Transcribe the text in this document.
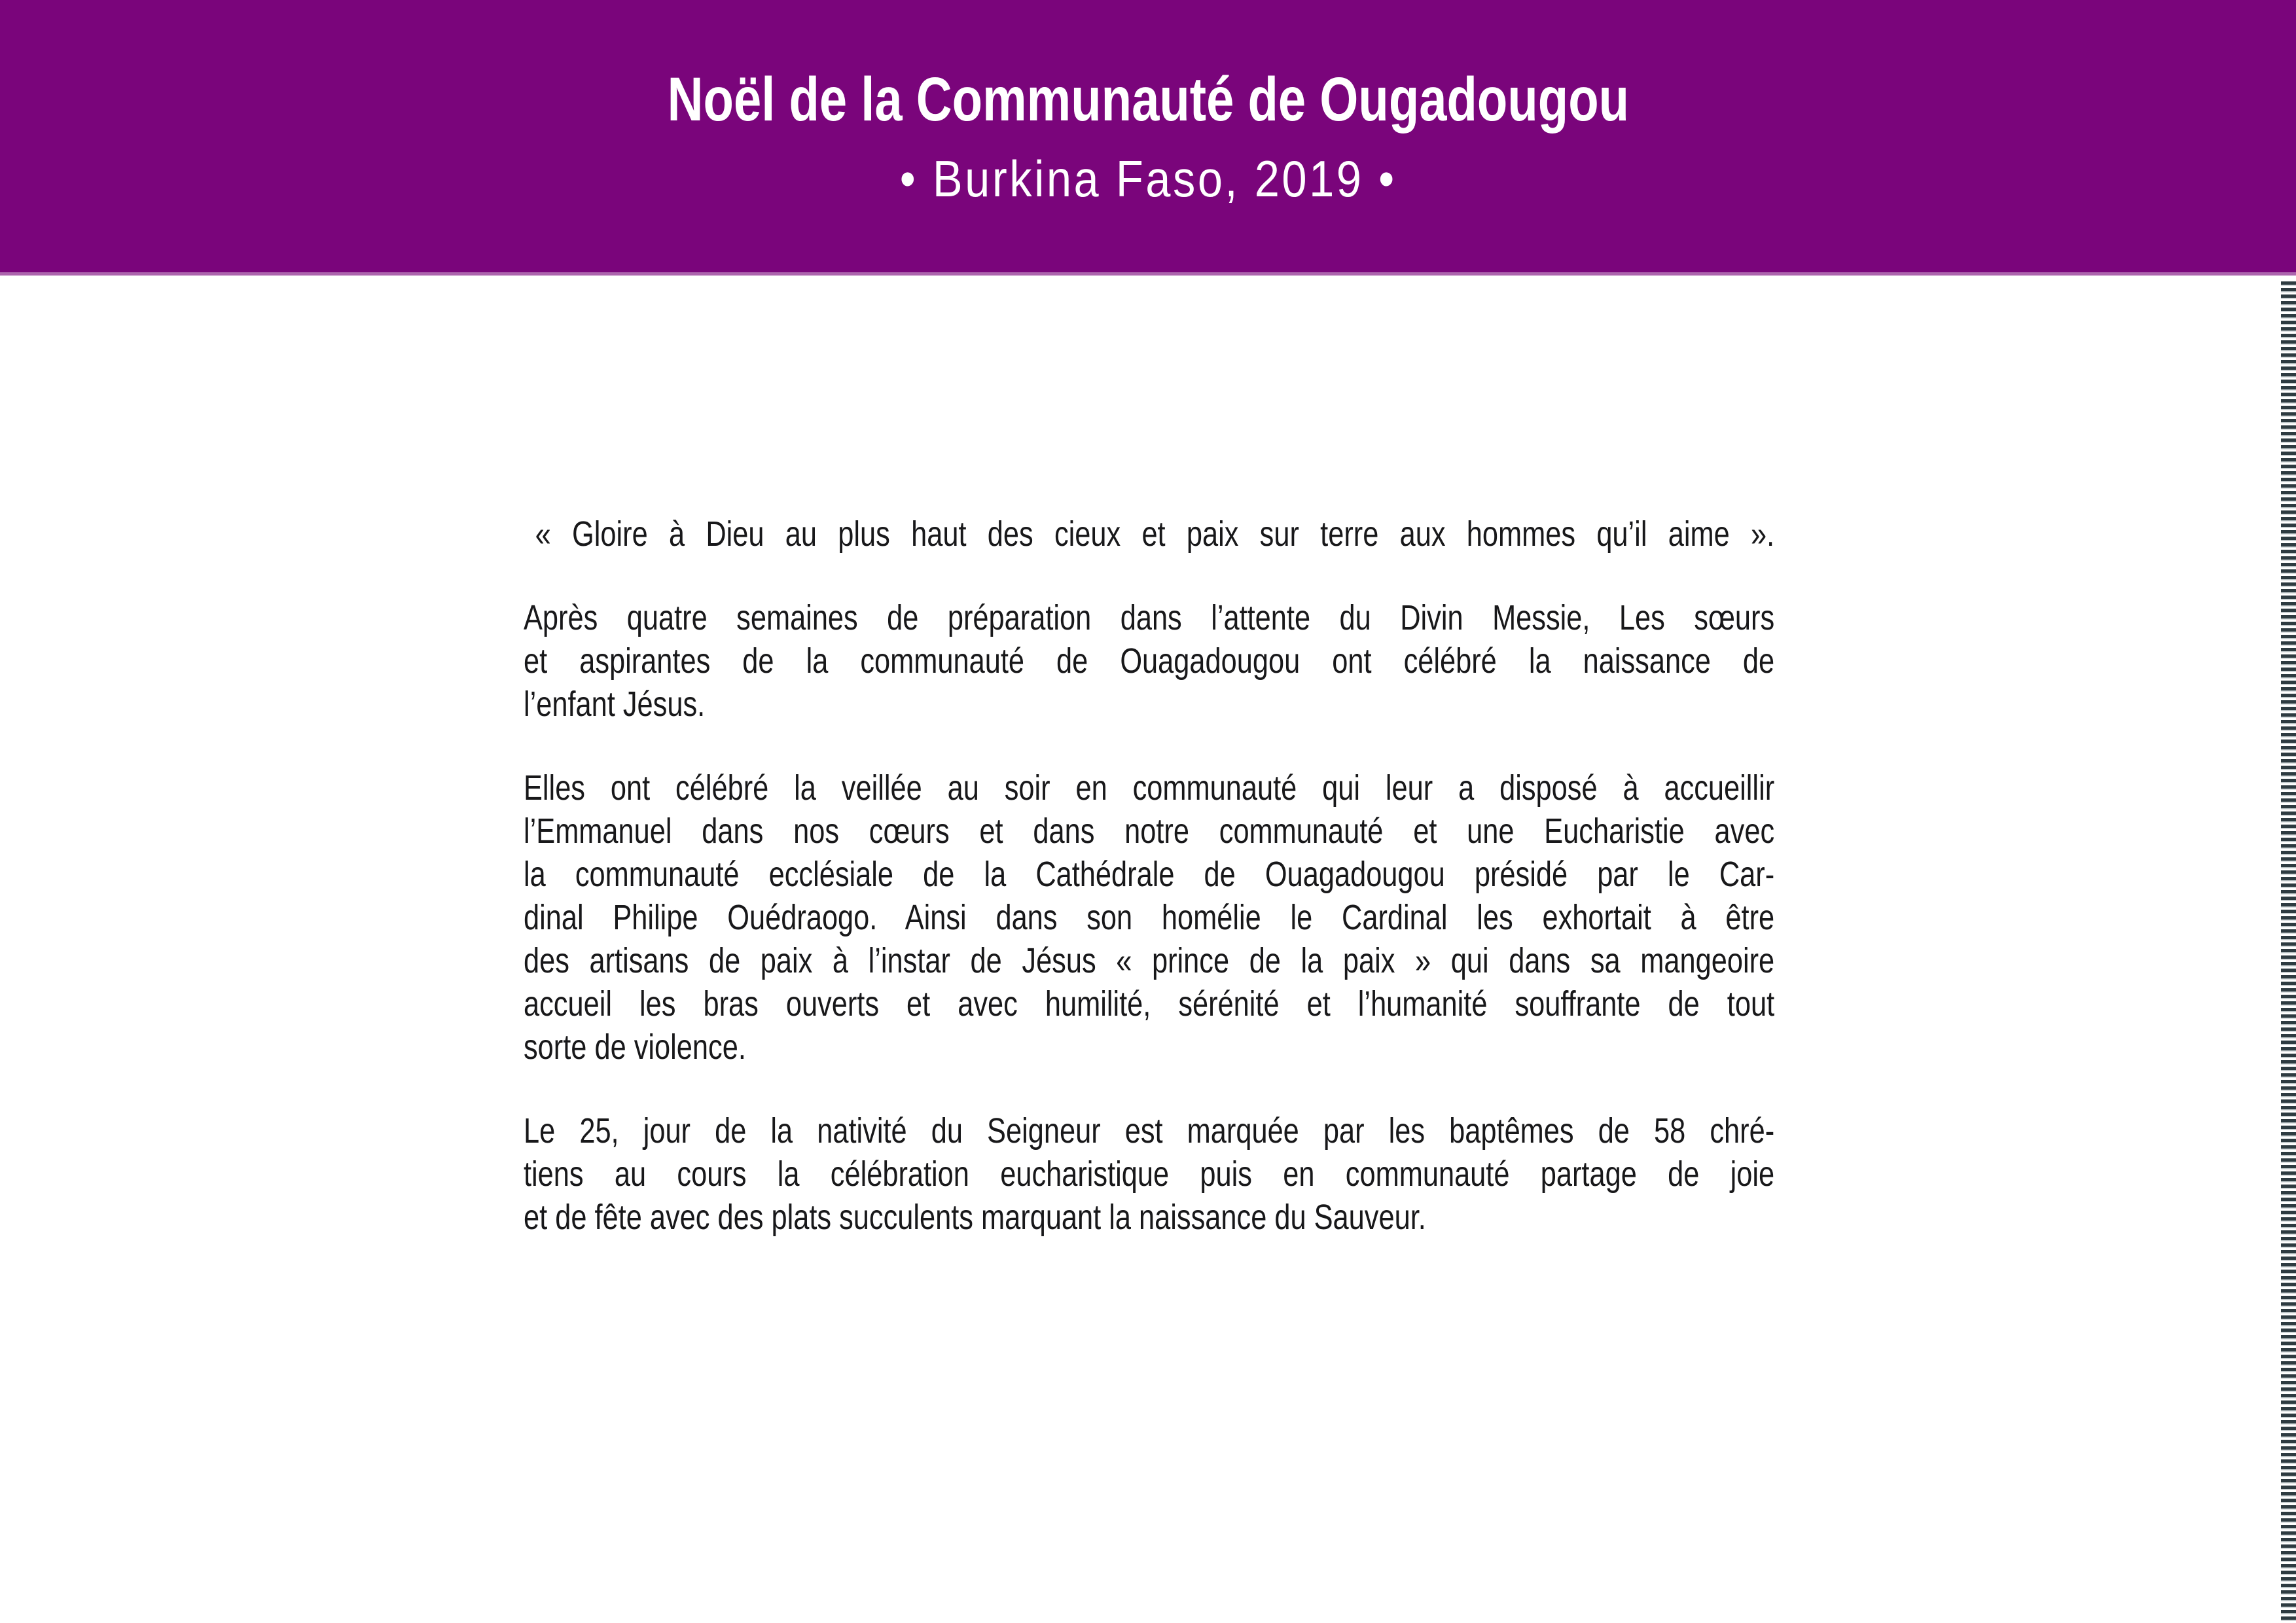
Noël de la Communauté de Ougadougou
• Burkina Faso, 2019 •

« Gloire à Dieu au plus haut des cieux et paix sur terre aux hommes qu’il aime ».

Après quatre semaines de préparation dans l’attente du Divin Messie, Les sœurs
et aspirantes de la communauté de Ouagadougou ont célébré la naissance de
l’enfant Jésus.
Elles ont célébré la veillée au soir en communauté qui leur a disposé à accueillir
l’Emmanuel dans nos cœurs et dans notre communauté et une Eucharistie avec
la communauté ecclésiale de la Cathédrale de Ouagadougou présidé par le Car-
dinal Philipe Ouédraogo. Ainsi dans son homélie le Cardinal les exhortait à être
des artisans de paix à l’instar de Jésus « prince de la paix » qui dans sa mangeoire
accueil les bras ouverts et avec humilité, sérénité et l’humanité souffrante de tout
sorte de violence.
Le 25, jour de la nativité du Seigneur est marquée par les baptêmes de 58 chré-
tiens au cours la célébration eucharistique puis en communauté partage de joie
et de fête avec des plats succulents marquant la naissance du Sauveur.
